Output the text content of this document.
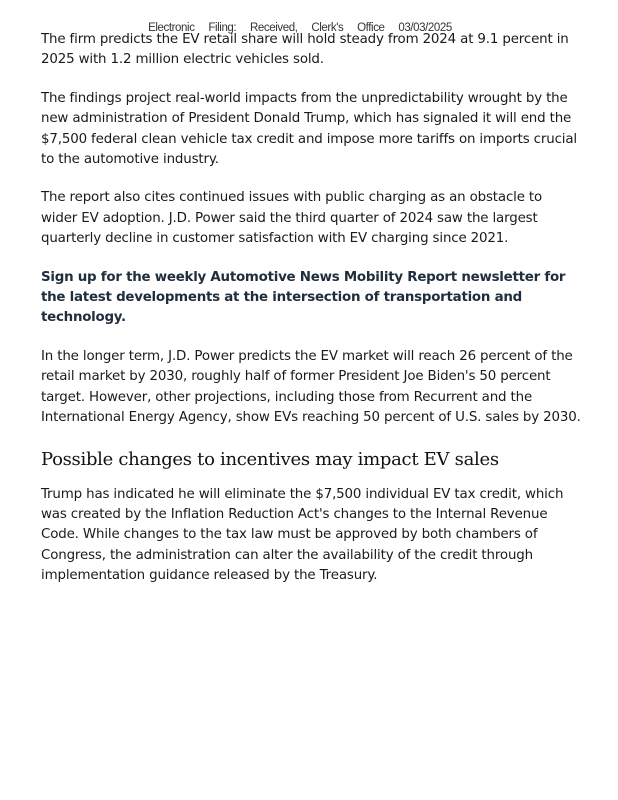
Electronic Filing: Received, Clerk's Office 03/03/2025

The firm predicts the EV retail share will hold steady from 2024 at 9.1 percent in 2025 with 1.2 million electric vehicles sold.

The findings project real-world impacts from the unpredictability wrought by the new administration of President Donald Trump, which has signaled it will end the $7,500 federal clean vehicle tax credit and impose more tariffs on imports crucial to the automotive industry.

The report also cites continued issues with public charging as an obstacle to wider EV adoption. J.D. Power said the third quarter of 2024 saw the largest quarterly decline in customer satisfaction with EV charging since 2021.

Sign up for the weekly Automotive News Mobility Report newsletter for the latest developments at the intersection of transportation and technology.

In the longer term, J.D. Power predicts the EV market will reach 26 percent of the retail market by 2030, roughly half of former President Joe Biden's 50 percent target. However, other projections, including those from Recurrent and the International Energy Agency, show EVs reaching 50 percent of U.S. sales by 2030.

Possible changes to incentives may impact EV sales

Trump has indicated he will eliminate the $7,500 individual EV tax credit, which was created by the Inflation Reduction Act's changes to the Internal Revenue Code. While changes to the tax law must be approved by both chambers of Congress, the administration can alter the availability of the credit through implementation guidance released by the Treasury.
